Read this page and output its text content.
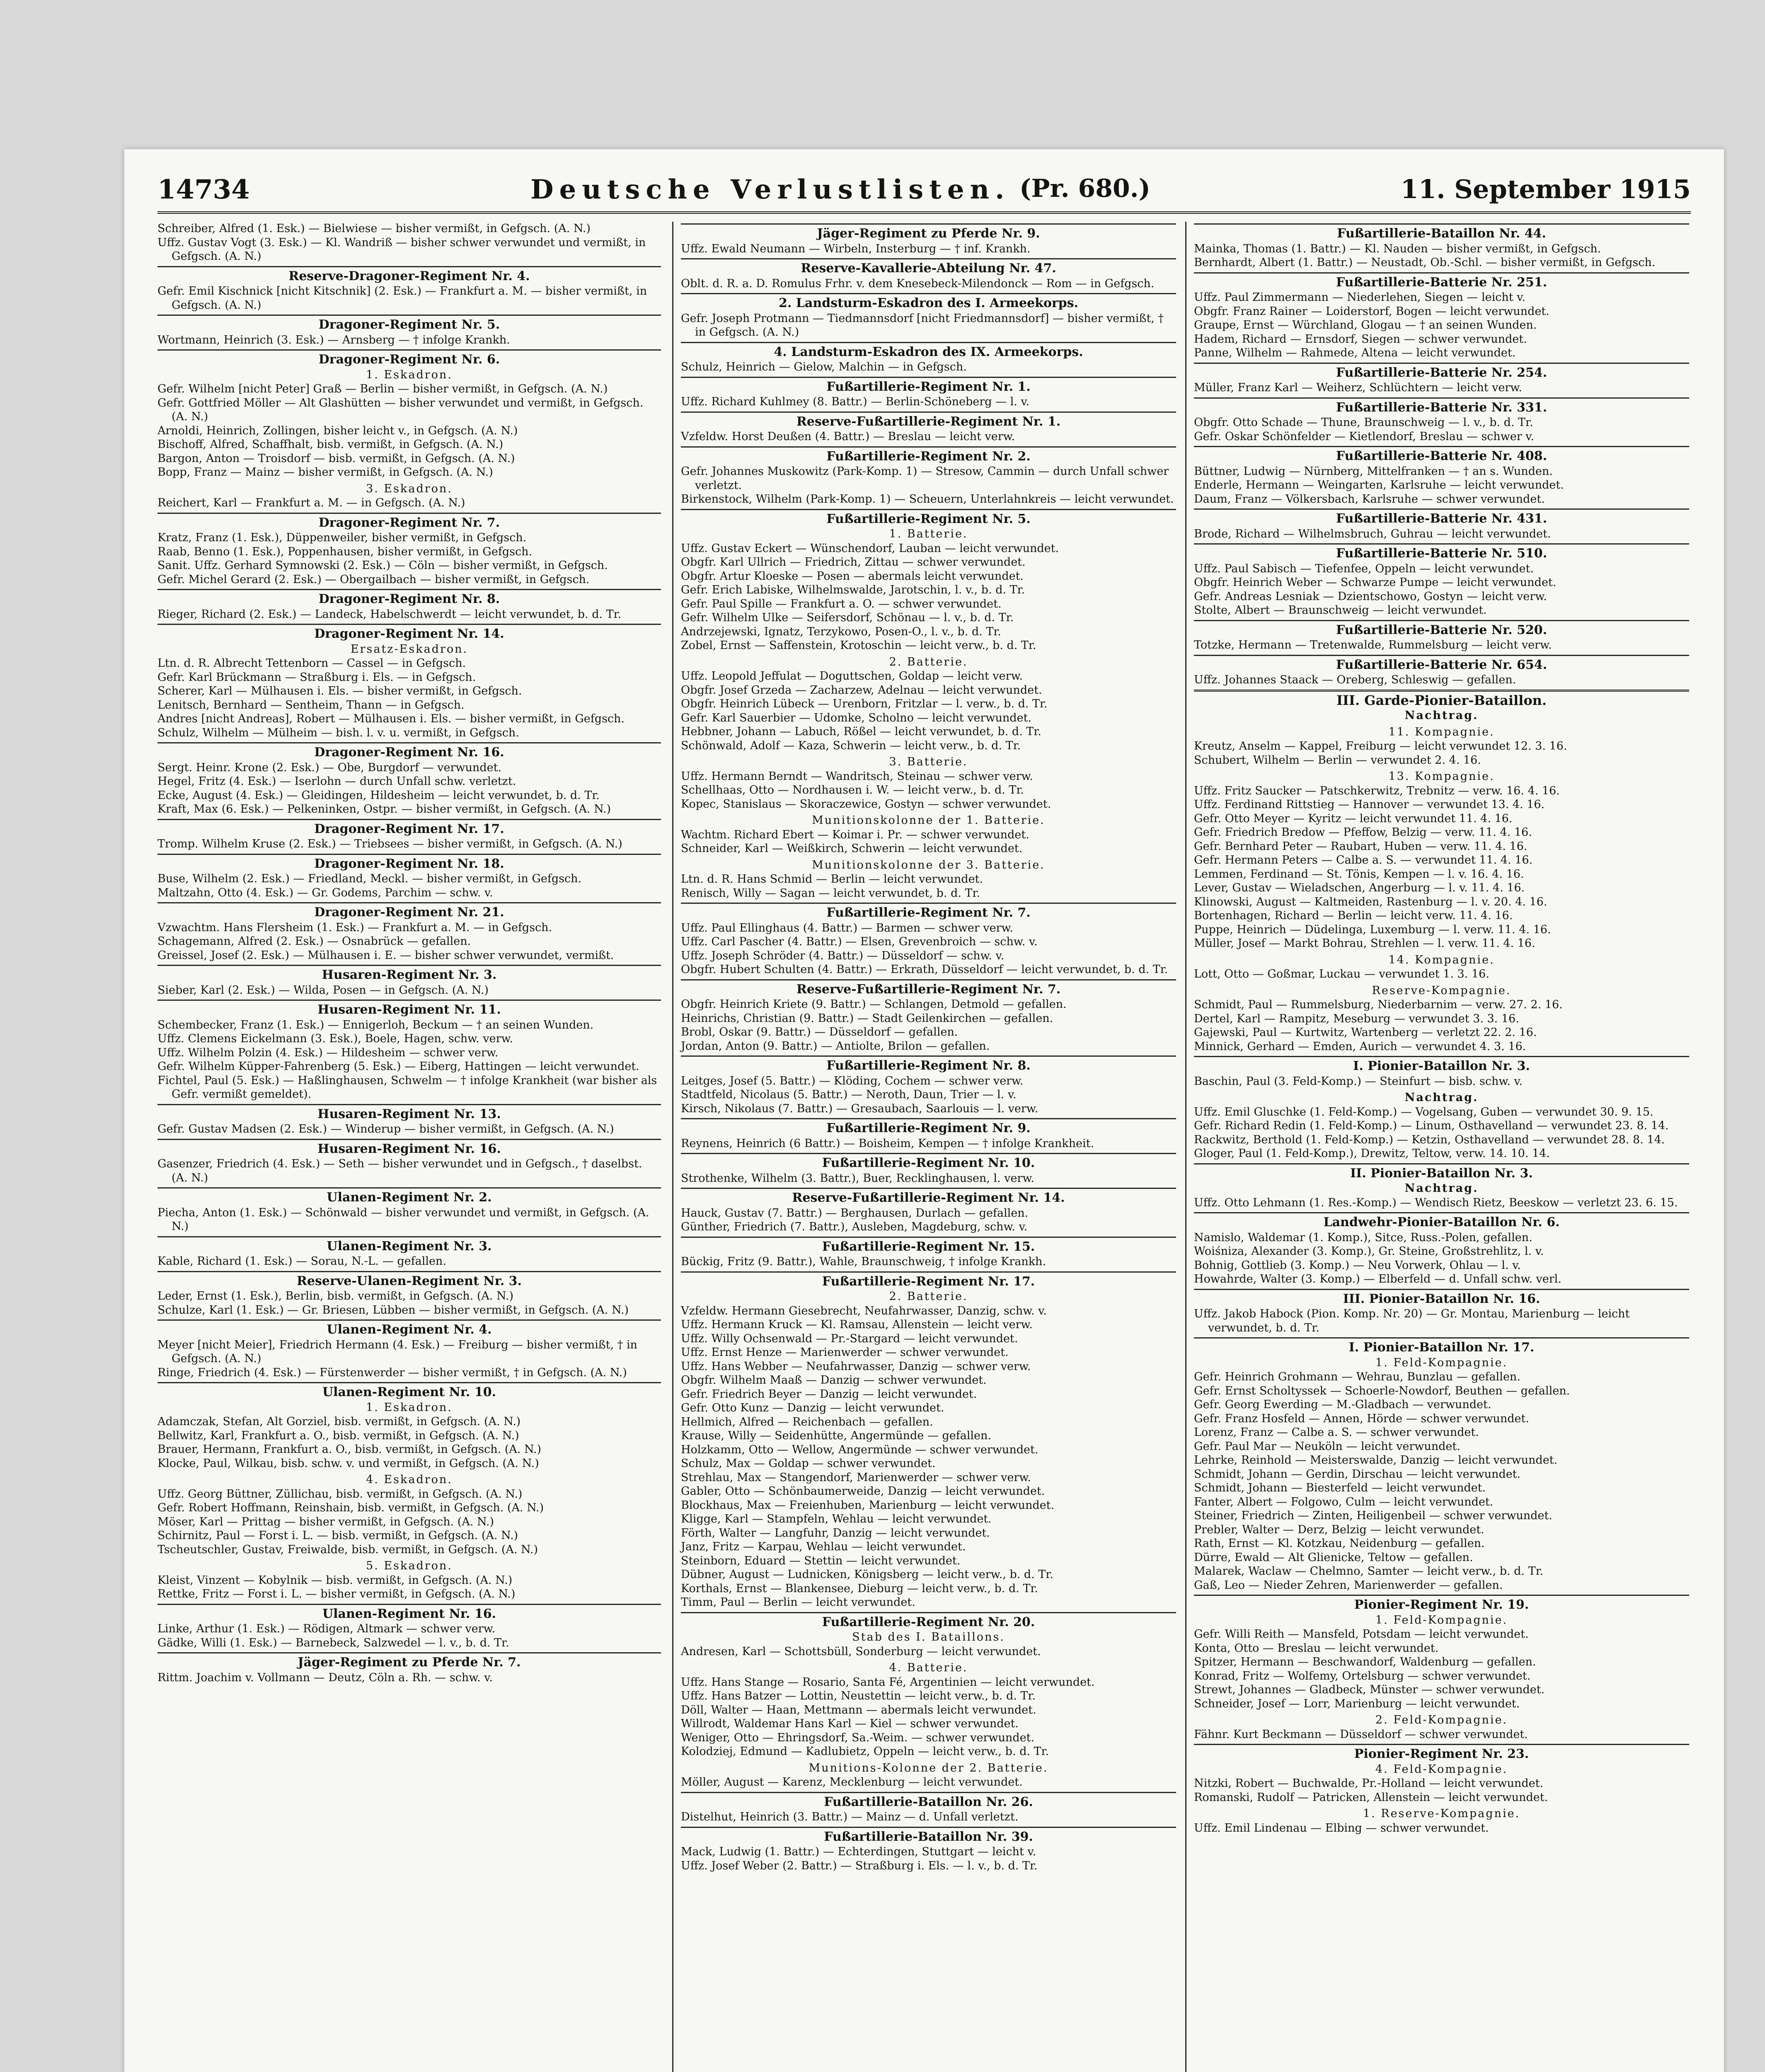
14734	Deutsche Verlustlisten. (Pr. 680.)	11. September 1915
Schreiber, Alfred (1. Esk.) — Bielwiese — bisher vermißt, in Gefgsch. (A. N.)
Uffz. Gustav Vogt (3. Esk.) — Kl. Wandriß — bisher schwer verwundet und vermißt, in Gefgsch. (A. N.)
Reserve-Dragoner-Regiment Nr. 4.
Gefr. Emil Kischnick [nicht Kitschnik] (2. Esk.) — Frankfurt a. M. — bisher vermißt, in Gefgsch. (A. N.)
Dragoner-Regiment Nr. 5.
Wortmann, Heinrich (3. Esk.) — Arnsberg — † infolge Krankh.
Dragoner-Regiment Nr. 6.
1. Eskadron.
Gefr. Wilhelm [nicht Peter] Graß — Berlin — bisher vermißt, in Gefgsch. (A. N.)
Gefr. Gottfried Möller — Alt Glashütten — bisher verwundet und vermißt, in Gefgsch. (A. N.)
Arnoldi, Heinrich, Zollingen, bisher leicht v., in Gefgsch. (A. N.)
Bischoff, Alfred, Schaffhalt, bisb. vermißt, in Gefgsch. (A. N.)
Bargon, Anton — Troisdorf — bisb. vermißt, in Gefgsch. (A. N.)
Bopp, Franz — Mainz — bisher vermißt, in Gefgsch. (A. N.)
3. Eskadron.
Reichert, Karl — Frankfurt a. M. — in Gefgsch. (A. N.)
Dragoner-Regiment Nr. 7.
Kratz, Franz (1. Esk.), Düppenweiler, bisher vermißt, in Gefgsch.
Raab, Benno (1. Esk.), Poppenhausen, bisher vermißt, in Gefgsch.
Sanit. Uffz. Gerhard Symnowski (2. Esk.) — Cöln — bisher vermißt, in Gefgsch.
Gefr. Michel Gerard (2. Esk.) — Obergailbach — bisher vermißt, in Gefgsch.
Dragoner-Regiment Nr. 8.
Rieger, Richard (2. Esk.) — Landeck, Habelschwerdt — leicht verwundet, b. d. Tr.
Dragoner-Regiment Nr. 14.
Ersatz-Eskadron.
Ltn. d. R. Albrecht Tettenborn — Cassel — in Gefgsch.
Gefr. Karl Brückmann — Straßburg i. Els. — in Gefgsch.
Scherer, Karl — Mülhausen i. Els. — bisher vermißt, in Gefgsch.
Lenitsch, Bernhard — Sentheim, Thann — in Gefgsch.
Andres [nicht Andreas], Robert — Mülhausen i. Els. — bisher vermißt, in Gefgsch.
Schulz, Wilhelm — Mülheim — bish. l. v. u. vermißt, in Gefgsch.
Dragoner-Regiment Nr. 16.
Sergt. Heinr. Krone (2. Esk.) — Obe, Burgdorf — verwundet.
Hegel, Fritz (4. Esk.) — Iserlohn — durch Unfall schw. verletzt.
Ecke, August (4. Esk.) — Gleidingen, Hildesheim — leicht verwundet, b. d. Tr.
Kraft, Max (6. Esk.) — Pelkeninken, Ostpr. — bisher vermißt, in Gefgsch. (A. N.)
Dragoner-Regiment Nr. 17.
Tromp. Wilhelm Kruse (2. Esk.) — Triebsees — bisher vermißt, in Gefgsch. (A. N.)
Dragoner-Regiment Nr. 18.
Buse, Wilhelm (2. Esk.) — Friedland, Meckl. — bisher vermißt, in Gefgsch.
Maltzahn, Otto (4. Esk.) — Gr. Godems, Parchim — schw. v.
Dragoner-Regiment Nr. 21.
Vzwachtm. Hans Flersheim (1. Esk.) — Frankfurt a. M. — in Gefgsch.
Schagemann, Alfred (2. Esk.) — Osnabrück — gefallen.
Greissel, Josef (2. Esk.) — Mülhausen i. E. — bisher schwer verwundet, vermißt.
Husaren-Regiment Nr. 3.
Sieber, Karl (2. Esk.) — Wilda, Posen — in Gefgsch. (A. N.)
Husaren-Regiment Nr. 11.
Schembecker, Franz (1. Esk.) — Ennigerloh, Beckum — † an seinen Wunden.
Uffz. Clemens Eickelmann (3. Esk.), Boele, Hagen, schw. verw.
Uffz. Wilhelm Polzin (4. Esk.) — Hildesheim — schwer verw.
Gefr. Wilhelm Küpper-Fahrenberg (5. Esk.) — Eiberg, Hattingen — leicht verwundet.
Fichtel, Paul (5. Esk.) — Haßlinghausen, Schwelm — † infolge Krankheit (war bisher als Gefr. vermißt gemeldet).
Husaren-Regiment Nr. 13.
Gefr. Gustav Madsen (2. Esk.) — Winderup — bisher vermißt, in Gefgsch. (A. N.)
Husaren-Regiment Nr. 16.
Gasenzer, Friedrich (4. Esk.) — Seth — bisher verwundet und in Gefgsch., † daselbst. (A. N.)
Ulanen-Regiment Nr. 2.
Piecha, Anton (1. Esk.) — Schönwald — bisher verwundet und vermißt, in Gefgsch. (A. N.)
Ulanen-Regiment Nr. 3.
Kable, Richard (1. Esk.) — Sorau, N.-L. — gefallen.
Reserve-Ulanen-Regiment Nr. 3.
Leder, Ernst (1. Esk.), Berlin, bisb. vermißt, in Gefgsch. (A. N.)
Schulze, Karl (1. Esk.) — Gr. Briesen, Lübben — bisher vermißt, in Gefgsch. (A. N.)
Ulanen-Regiment Nr. 4.
Meyer [nicht Meier], Friedrich Hermann (4. Esk.) — Freiburg — bisher vermißt, † in Gefgsch. (A. N.)
Ringe, Friedrich (4. Esk.) — Fürstenwerder — bisher vermißt, † in Gefgsch. (A. N.)
Ulanen-Regiment Nr. 10.
1. Eskadron.
Adamczak, Stefan, Alt Gorziel, bisb. vermißt, in Gefgsch. (A. N.)
Bellwitz, Karl, Frankfurt a. O., bisb. vermißt, in Gefgsch. (A. N.)
Brauer, Hermann, Frankfurt a. O., bisb. vermißt, in Gefgsch. (A. N.)
Klocke, Paul, Wilkau, bisb. schw. v. und vermißt, in Gefgsch. (A. N.)
4. Eskadron.
Uffz. Georg Büttner, Züllichau, bisb. vermißt, in Gefgsch. (A. N.)
Gefr. Robert Hoffmann, Reinshain, bisb. vermißt, in Gefgsch. (A. N.)
Möser, Karl — Prittag — bisher vermißt, in Gefgsch. (A. N.)
Schirnitz, Paul — Forst i. L. — bisb. vermißt, in Gefgsch. (A. N.)
Tscheutschler, Gustav, Freiwalde, bisb. vermißt, in Gefgsch. (A. N.)
5. Eskadron.
Kleist, Vinzent — Kobylnik — bisb. vermißt, in Gefgsch. (A. N.)
Rettke, Fritz — Forst i. L. — bisher vermißt, in Gefgsch. (A. N.)
Ulanen-Regiment Nr. 16.
Linke, Arthur (1. Esk.) — Rödigen, Altmark — schwer verw.
Gädke, Willi (1. Esk.) — Barnebeck, Salzwedel — l. v., b. d. Tr.
Jäger-Regiment zu Pferde Nr. 7.
Rittm. Joachim v. Vollmann — Deutz, Cöln a. Rh. — schw. v.
Jäger-Regiment zu Pferde Nr. 9.
Uffz. Ewald Neumann — Wirbeln, Insterburg — † inf. Krankh.
Reserve-Kavallerie-Abteilung Nr. 47.
Oblt. d. R. a. D. Romulus Frhr. v. dem Knesebeck-Milendonck — Rom — in Gefgsch.
2. Landsturm-Eskadron des I. Armeekorps.
Gefr. Joseph Protmann — Tiedmannsdorf [nicht Friedmannsdorf] — bisher vermißt, † in Gefgsch. (A. N.)
4. Landsturm-Eskadron des IX. Armeekorps.
Schulz, Heinrich — Gielow, Malchin — in Gefgsch.
Fußartillerie-Regiment Nr. 1.
Uffz. Richard Kuhlmey (8. Battr.) — Berlin-Schöneberg — l. v.
Reserve-Fußartillerie-Regiment Nr. 1.
Vzfeldw. Horst Deußen (4. Battr.) — Breslau — leicht verw.
Fußartillerie-Regiment Nr. 2.
Gefr. Johannes Muskowitz (Park-Komp. 1) — Stresow, Cammin — durch Unfall schwer verletzt.
Birkenstock, Wilhelm (Park-Komp. 1) — Scheuern, Unterlahnkreis — leicht verwundet.
Fußartillerie-Regiment Nr. 5.
1. Batterie.
Uffz. Gustav Eckert — Wünschendorf, Lauban — leicht verwundet.
Obgfr. Karl Ullrich — Friedrich, Zittau — schwer verwundet.
Obgfr. Artur Kloeske — Posen — abermals leicht verwundet.
Gefr. Erich Labiske, Wilhelmswalde, Jarotschin, l. v., b. d. Tr.
Gefr. Paul Spille — Frankfurt a. O. — schwer verwundet.
Gefr. Wilhelm Ulke — Seifersdorf, Schönau — l. v., b. d. Tr.
Andrzejewski, Ignatz, Terzykowo, Posen-O., l. v., b. d. Tr.
Zobel, Ernst — Saffenstein, Krotoschin — leicht verw., b. d. Tr.
2. Batterie.
Uffz. Leopold Jeffulat — Doguttschen, Goldap — leicht verw.
Obgfr. Josef Grzeda — Zacharzew, Adelnau — leicht verwundet.
Obgfr. Heinrich Lübeck — Urenborn, Fritzlar — l. verw., b. d. Tr.
Gefr. Karl Sauerbier — Udomke, Scholno — leicht verwundet.
Hebbner, Johann — Labuch, Rößel — leicht verwundet, b. d. Tr.
Schönwald, Adolf — Kaza, Schwerin — leicht verw., b. d. Tr.
3. Batterie.
Uffz. Hermann Berndt — Wandritsch, Steinau — schwer verw.
Schellhaas, Otto — Nordhausen i. W. — leicht verw., b. d. Tr.
Kopec, Stanislaus — Skoraczewice, Gostyn — schwer verwundet.
Munitionskolonne der 1. Batterie.
Wachtm. Richard Ebert — Koimar i. Pr. — schwer verwundet.
Schneider, Karl — Weißkirch, Schwerin — leicht verwundet.
Munitionskolonne der 3. Batterie.
Ltn. d. R. Hans Schmid — Berlin — leicht verwundet.
Renisch, Willy — Sagan — leicht verwundet, b. d. Tr.
Fußartillerie-Regiment Nr. 7.
Uffz. Paul Ellinghaus (4. Battr.) — Barmen — schwer verw.
Uffz. Carl Pascher (4. Battr.) — Elsen, Grevenbroich — schw. v.
Uffz. Joseph Schröder (4. Battr.) — Düsseldorf — schw. v.
Obgfr. Hubert Schulten (4. Battr.) — Erkrath, Düsseldorf — leicht verwundet, b. d. Tr.
Reserve-Fußartillerie-Regiment Nr. 7.
Obgfr. Heinrich Kriete (9. Battr.) — Schlangen, Detmold — gefallen.
Heinrichs, Christian (9. Battr.) — Stadt Geilenkirchen — gefallen.
Brobl, Oskar (9. Battr.) — Düsseldorf — gefallen.
Jordan, Anton (9. Battr.) — Antiolte, Brilon — gefallen.
Fußartillerie-Regiment Nr. 8.
Leitges, Josef (5. Battr.) — Klöding, Cochem — schwer verw.
Stadtfeld, Nicolaus (5. Battr.) — Neroth, Daun, Trier — l. v.
Kirsch, Nikolaus (7. Battr.) — Gresaubach, Saarlouis — l. verw.
Fußartillerie-Regiment Nr. 9.
Reynens, Heinrich (6 Battr.) — Boisheim, Kempen — † infolge Krankheit.
Fußartillerie-Regiment Nr. 10.
Strothenke, Wilhelm (3. Battr.), Buer, Recklinghausen, l. verw.
Reserve-Fußartillerie-Regiment Nr. 14.
Hauck, Gustav (7. Battr.) — Berghausen, Durlach — gefallen.
Günther, Friedrich (7. Battr.), Ausleben, Magdeburg, schw. v.
Fußartillerie-Regiment Nr. 15.
Bückig, Fritz (9. Battr.), Wahle, Braunschweig, † infolge Krankh.
Fußartillerie-Regiment Nr. 17.
2. Batterie.
Vzfeldw. Hermann Giesebrecht, Neufahrwasser, Danzig, schw. v.
Uffz. Hermann Kruck — Kl. Ramsau, Allenstein — leicht verw.
Uffz. Willy Ochsenwald — Pr.-Stargard — leicht verwundet.
Uffz. Ernst Henze — Marienwerder — schwer verwundet.
Uffz. Hans Webber — Neufahrwasser, Danzig — schwer verw.
Obgfr. Wilhelm Maaß — Danzig — schwer verwundet.
Gefr. Friedrich Beyer — Danzig — leicht verwundet.
Gefr. Otto Kunz — Danzig — leicht verwundet.
Hellmich, Alfred — Reichenbach — gefallen.
Krause, Willy — Seidenhütte, Angermünde — gefallen.
Holzkamm, Otto — Wellow, Angermünde — schwer verwundet.
Schulz, Max — Goldap — schwer verwundet.
Strehlau, Max — Stangendorf, Marienwerder — schwer verw.
Gabler, Otto — Schönbaumerweide, Danzig — leicht verwundet.
Blockhaus, Max — Freienhuben, Marienburg — leicht verwundet.
Kligge, Karl — Stampfeln, Wehlau — leicht verwundet.
Förth, Walter — Langfuhr, Danzig — leicht verwundet.
Janz, Fritz — Karpau, Wehlau — leicht verwundet.
Steinborn, Eduard — Stettin — leicht verwundet.
Dübner, August — Ludnicken, Königsberg — leicht verw., b. d. Tr.
Korthals, Ernst — Blankensee, Dieburg — leicht verw., b. d. Tr.
Timm, Paul — Berlin — leicht verwundet.
Fußartillerie-Regiment Nr. 20.
Stab des I. Bataillons.
Andresen, Karl — Schottsbüll, Sonderburg — leicht verwundet.
4. Batterie.
Uffz. Hans Stange — Rosario, Santa Fé, Argentinien — leicht verwundet.
Uffz. Hans Batzer — Lottin, Neustettin — leicht verw., b. d. Tr.
Döll, Walter — Haan, Mettmann — abermals leicht verwundet.
Willrodt, Waldemar Hans Karl — Kiel — schwer verwundet.
Weniger, Otto — Ehringsdorf, Sa.-Weim. — schwer verwundet.
Kolodziej, Edmund — Kadlubietz, Oppeln — leicht verw., b. d. Tr.
Munitions-Kolonne der 2. Batterie.
Möller, August — Karenz, Mecklenburg — leicht verwundet.
Fußartillerie-Bataillon Nr. 26.
Distelhut, Heinrich (3. Battr.) — Mainz — d. Unfall verletzt.
Fußartillerie-Bataillon Nr. 39.
Mack, Ludwig (1. Battr.) — Echterdingen, Stuttgart — leicht v.
Uffz. Josef Weber (2. Battr.) — Straßburg i. Els. — l. v., b. d. Tr.
Fußartillerie-Bataillon Nr. 44.
Mainka, Thomas (1. Battr.) — Kl. Nauden — bisher vermißt, in Gefgsch.
Bernhardt, Albert (1. Battr.) — Neustadt, Ob.-Schl. — bisher vermißt, in Gefgsch.
Fußartillerie-Batterie Nr. 251.
Uffz. Paul Zimmermann — Niederlehen, Siegen — leicht v.
Obgfr. Franz Rainer — Loiderstorf, Bogen — leicht verwundet.
Graupe, Ernst — Würchland, Glogau — † an seinen Wunden.
Hadem, Richard — Ernsdorf, Siegen — schwer verwundet.
Panne, Wilhelm — Rahmede, Altena — leicht verwundet.
Fußartillerie-Batterie Nr. 254.
Müller, Franz Karl — Weiherz, Schlüchtern — leicht verw.
Fußartillerie-Batterie Nr. 331.
Obgfr. Otto Schade — Thune, Braunschweig — l. v., b. d. Tr.
Gefr. Oskar Schönfelder — Kietlendorf, Breslau — schwer v.
Fußartillerie-Batterie Nr. 408.
Büttner, Ludwig — Nürnberg, Mittelfranken — † an s. Wunden.
Enderle, Hermann — Weingarten, Karlsruhe — leicht verwundet.
Daum, Franz — Völkersbach, Karlsruhe — schwer verwundet.
Fußartillerie-Batterie Nr. 431.
Brode, Richard — Wilhelmsbruch, Guhrau — leicht verwundet.
Fußartillerie-Batterie Nr. 510.
Uffz. Paul Sabisch — Tiefenfee, Oppeln — leicht verwundet.
Obgfr. Heinrich Weber — Schwarze Pumpe — leicht verwundet.
Gefr. Andreas Lesniak — Dzientschowo, Gostyn — leicht verw.
Stolte, Albert — Braunschweig — leicht verwundet.
Fußartillerie-Batterie Nr. 520.
Totzke, Hermann — Tretenwalde, Rummelsburg — leicht verw.
Fußartillerie-Batterie Nr. 654.
Uffz. Johannes Staack — Oreberg, Schleswig — gefallen.
III. Garde-Pionier-Bataillon.
Nachtrag.
11. Kompagnie.
Kreutz, Anselm — Kappel, Freiburg — leicht verwundet 12. 3. 16.
Schubert, Wilhelm — Berlin — verwundet 2. 4. 16.
13. Kompagnie.
Uffz. Fritz Saucker — Patschkerwitz, Trebnitz — verw. 16. 4. 16.
Uffz. Ferdinand Rittstieg — Hannover — verwundet 13. 4. 16.
Gefr. Otto Meyer — Kyritz — leicht verwundet 11. 4. 16.
Gefr. Friedrich Bredow — Pfeffow, Belzig — verw. 11. 4. 16.
Gefr. Bernhard Peter — Raubart, Huben — verw. 11. 4. 16.
Gefr. Hermann Peters — Calbe a. S. — verwundet 11. 4. 16.
Lemmen, Ferdinand — St. Tönis, Kempen — l. v. 16. 4. 16.
Lever, Gustav — Wieladschen, Angerburg — l. v. 11. 4. 16.
Klinowski, August — Kaltmeiden, Rastenburg — l. v. 20. 4. 16.
Bortenhagen, Richard — Berlin — leicht verw. 11. 4. 16.
Puppe, Heinrich — Düdelinga, Luxemburg — l. verw. 11. 4. 16.
Müller, Josef — Markt Bohrau, Strehlen — l. verw. 11. 4. 16.
14. Kompagnie.
Lott, Otto — Goßmar, Luckau — verwundet 1. 3. 16.
Reserve-Kompagnie.
Schmidt, Paul — Rummelsburg, Niederbarnim — verw. 27. 2. 16.
Dertel, Karl — Rampitz, Meseburg — verwundet 3. 3. 16.
Gajewski, Paul — Kurtwitz, Wartenberg — verletzt 22. 2. 16.
Minnick, Gerhard — Emden, Aurich — verwundet 4. 3. 16.
I. Pionier-Bataillon Nr. 3.
Baschin, Paul (3. Feld-Komp.) — Steinfurt — bisb. schw. v.
Nachtrag.
Uffz. Emil Gluschke (1. Feld-Komp.) — Vogelsang, Guben — verwundet 30. 9. 15.
Gefr. Richard Redin (1. Feld-Komp.) — Linum, Osthavelland — verwundet 23. 8. 14.
Rackwitz, Berthold (1. Feld-Komp.) — Ketzin, Osthavelland — verwundet 28. 8. 14.
Gloger, Paul (1. Feld-Komp.), Drewitz, Teltow, verw. 14. 10. 14.
II. Pionier-Bataillon Nr. 3.
Nachtrag.
Uffz. Otto Lehmann (1. Res.-Komp.) — Wendisch Rietz, Beeskow — verletzt 23. 6. 15.
Landwehr-Pionier-Bataillon Nr. 6.
Namislo, Waldemar (1. Komp.), Sitce, Russ.-Polen, gefallen.
Woiśniza, Alexander (3. Komp.), Gr. Steine, Großstrehlitz, l. v.
Bohnig, Gottlieb (3. Komp.) — Neu Vorwerk, Ohlau — l. v.
Howahrde, Walter (3. Komp.) — Elberfeld — d. Unfall schw. verl.
III. Pionier-Bataillon Nr. 16.
Uffz. Jakob Habock (Pion. Komp. Nr. 20) — Gr. Montau, Marienburg — leicht verwundet, b. d. Tr.
I. Pionier-Bataillon Nr. 17.
1. Feld-Kompagnie.
Gefr. Heinrich Grohmann — Wehrau, Bunzlau — gefallen.
Gefr. Ernst Scholtyssek — Schoerle-Nowdorf, Beuthen — gefallen.
Gefr. Georg Ewerding — M.-Gladbach — verwundet.
Gefr. Franz Hosfeld — Annen, Hörde — schwer verwundet.
Lorenz, Franz — Calbe a. S. — schwer verwundet.
Gefr. Paul Mar — Neuköln — leicht verwundet.
Lehrke, Reinhold — Meisterswalde, Danzig — leicht verwundet.
Schmidt, Johann — Gerdin, Dirschau — leicht verwundet.
Schmidt, Johann — Biesterfeld — leicht verwundet.
Fanter, Albert — Folgowo, Culm — leicht verwundet.
Steiner, Friedrich — Zinten, Heiligenbeil — schwer verwundet.
Prebler, Walter — Derz, Belzig — leicht verwundet.
Rath, Ernst — Kl. Kotzkau, Neidenburg — gefallen.
Dürre, Ewald — Alt Glienicke, Teltow — gefallen.
Malarek, Waclaw — Chelmno, Samter — leicht verw., b. d. Tr.
Gaß, Leo — Nieder Zehren, Marienwerder — gefallen.
Pionier-Regiment Nr. 19.
1. Feld-Kompagnie.
Gefr. Willi Reith — Mansfeld, Potsdam — leicht verwundet.
Konta, Otto — Breslau — leicht verwundet.
Spitzer, Hermann — Beschwandorf, Waldenburg — gefallen.
Konrad, Fritz — Wolfemy, Ortelsburg — schwer verwundet.
Strewt, Johannes — Gladbeck, Münster — schwer verwundet.
Schneider, Josef — Lorr, Marienburg — leicht verwundet.
2. Feld-Kompagnie.
Fähnr. Kurt Beckmann — Düsseldorf — schwer verwundet.
Pionier-Regiment Nr. 23.
4. Feld-Kompagnie.
Nitzki, Robert — Buchwalde, Pr.-Holland — leicht verwundet.
Romanski, Rudolf — Patricken, Allenstein — leicht verwundet.
1. Reserve-Kompagnie.
Uffz. Emil Lindenau — Elbing — schwer verwundet.
